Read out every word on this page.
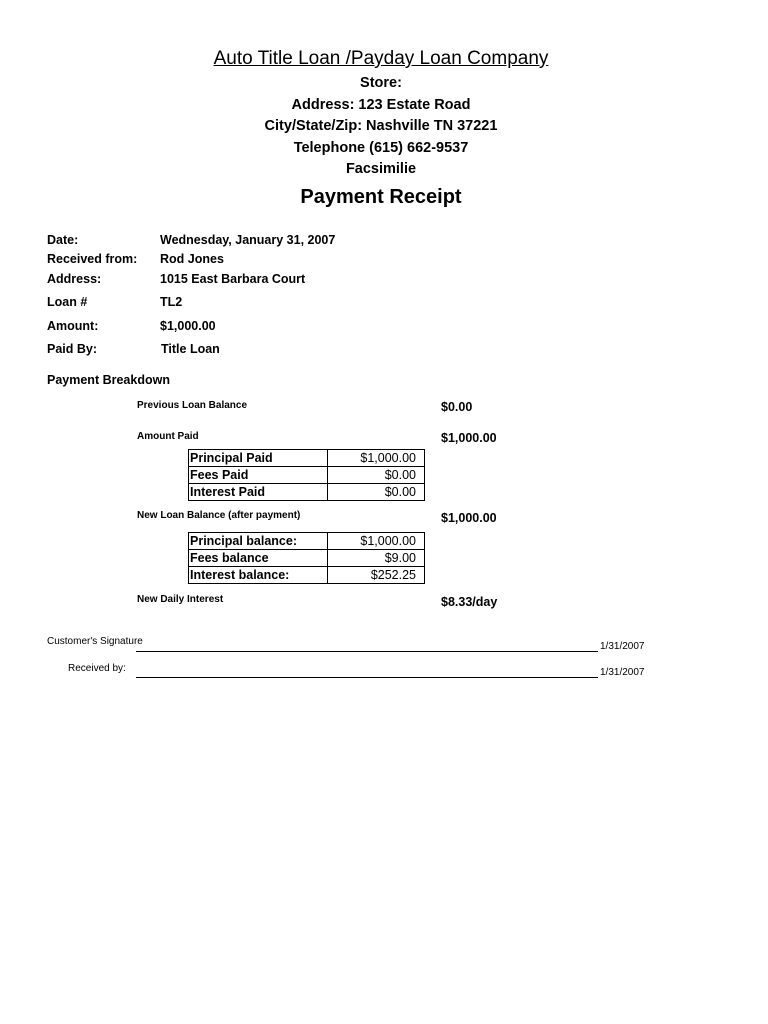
Auto Title Loan /Payday Loan Company
Store:
Address: 123 Estate Road
City/State/Zip: Nashville TN 37221
Telephone (615) 662-9537
Facsimilie
Payment Receipt
Date:	Wednesday, January 31, 2007
Received from: Rod Jones
Address:	1015 East Barbara Court
Loan #	TL2
Amount:	$1,000.00
Paid By:	Title Loan
Payment Breakdown
Previous Loan Balance	$0.00
Amount Paid	$1,000.00
Principal Paid	$1,000.00
Fees Paid	$0.00
Interest Paid	$0.00
New Loan Balance (after payment)	$1,000.00
Principal balance:	$1,000.00
Fees balance	$9.00
Interest balance:	$252.25
New Daily Interest	$8.33/day
Customer's Signature	1/31/2007
Received by:	1/31/2007
